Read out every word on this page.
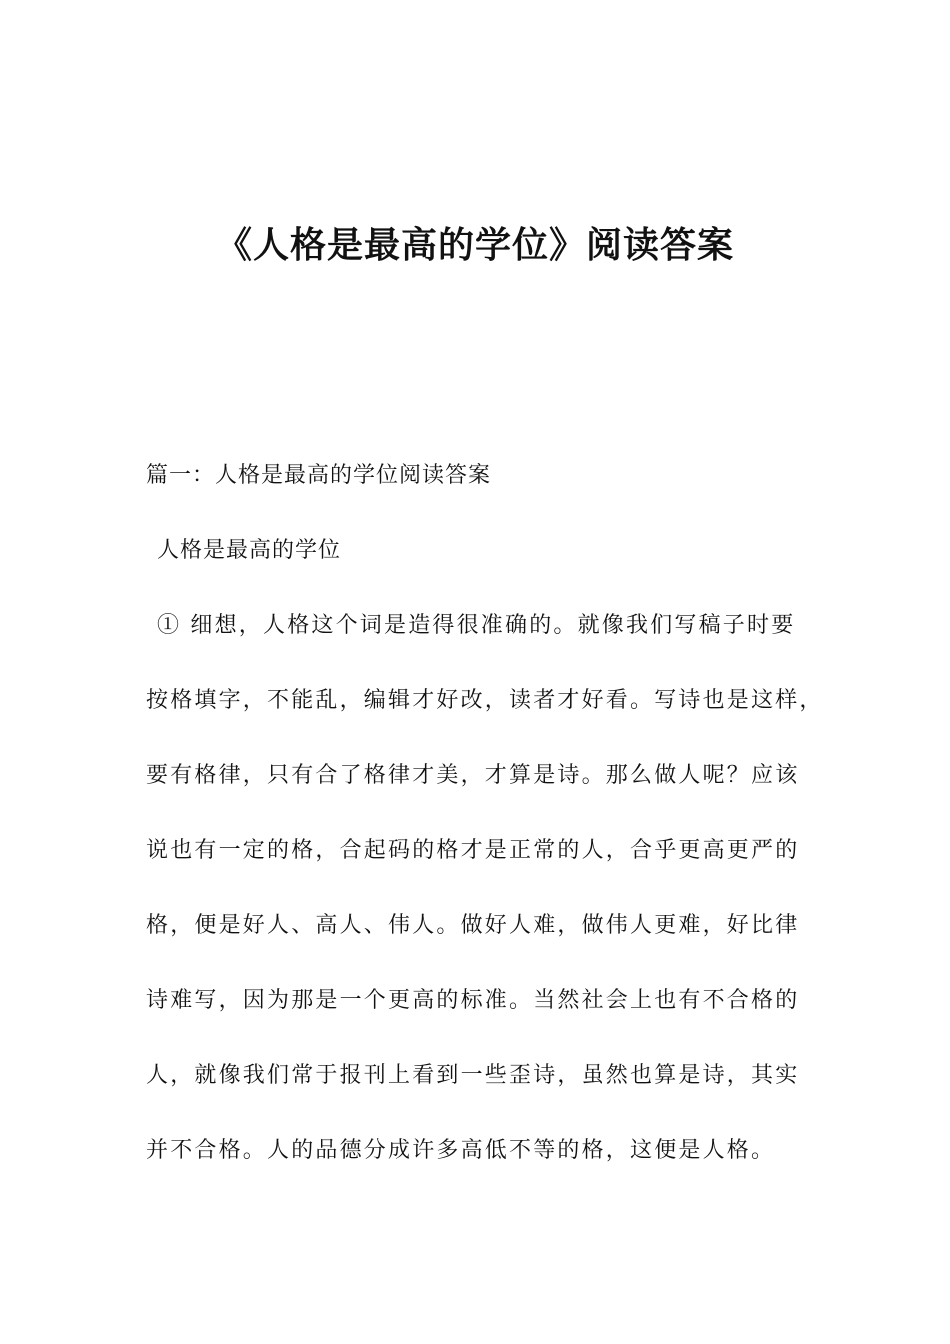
《人格是最高的学位》阅读答案

篇一：人格是最高的学位阅读答案

人格是最高的学位

① 细想，人格这个词是造得很准确的。就像我们写稿子时要

按格填字，不能乱，编辑才好改，读者才好看。写诗也是这样，

要有格律，只有合了格律才美，才算是诗。那么做人呢？应该

说也有一定的格，合起码的格才是正常的人，合乎更高更严的

格，便是好人、高人、伟人。做好人难，做伟人更难，好比律

诗难写，因为那是一个更高的标准。当然社会上也有不合格的

人，就像我们常于报刊上看到一些歪诗，虽然也算是诗，其实

并不合格。人的品德分成许多高低不等的格，这便是人格。
